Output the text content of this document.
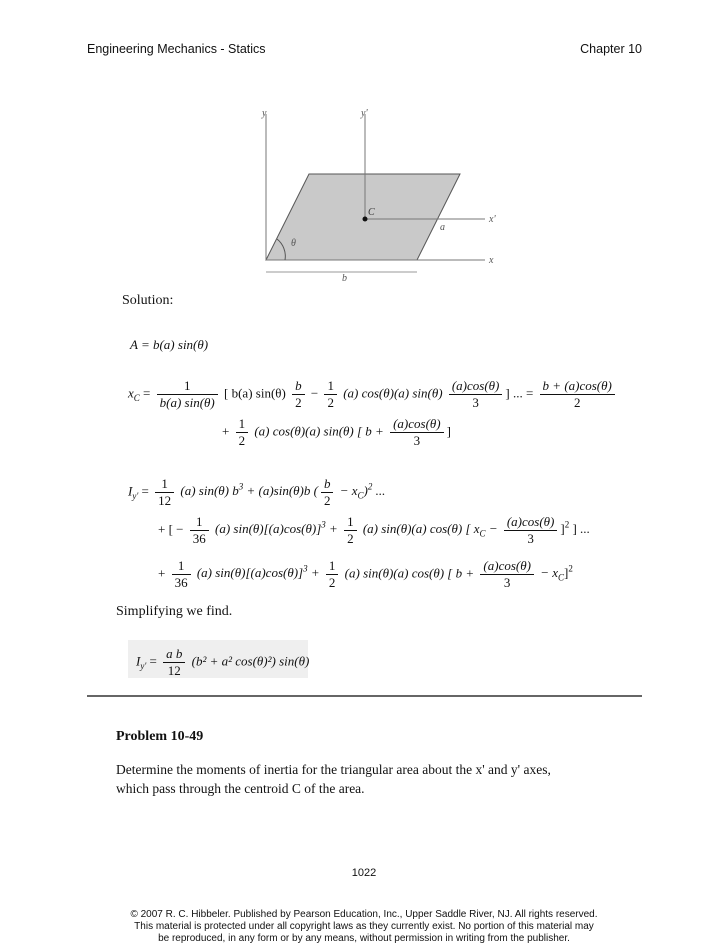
Engineering Mechanics - Statics	Chapter 10
y	y'
x
x'
C
a
b
θ
Solution:
A = b(a) sin(θ)
$x_C = \frac{1}{b(a) \sin(\theta)}$ [ b(a) $\sin(\theta) \frac{b}{2} - \frac{1}{2} (a)$ cos(θ)(a) $\sin(\theta) \frac{(a)\cos(\theta)}{3}$ ] ... = $\frac{b + (a)\cos(\theta)}{2}$
+ $\frac{1}{2} (a)$ cos(θ)(a) sin(θ) [ $b + \frac{(a)\cos(\theta)}{3}$ ]
$I_{y'} = \frac{1}{12} (a)$ sin(θ) $b^3 + (a)\sin(\theta)b$ ( $\frac{b}{2} - x_C)^2$ ...
+ [ − $\frac{1}{36} (a) \sin(\theta)[(a)\cos(\theta)]^3 + \frac{1}{2} (a)$ sin(θ)(a) cos(θ) [ $x_C - \frac{(a)\cos(\theta)}{3} ]^2$ ] ...
+ $\frac{1}{36} (a) \sin(\theta)[(a)\cos(\theta)]^3 + \frac{1}{2} (a)$ sin(θ)(a) cos(θ) [ $b + \frac{(a)\cos(\theta)}{3} - x_C]^2$
Simplifying we find.
$I_{y'} = \frac{\text{a b}}{12} (b^2 + a^2$ cos(θ)²) sin(θ)
Problem 10-49
Determine the moments of inertia for the triangular area about the x' and y' axes, which pass through the centroid C of the area.
1022
© 2007 R. C. Hibbeler. Published by Pearson Education, Inc., Upper Saddle River, NJ. All rights reserved.
This material is protected under all copyright laws as they currently exist. No portion of this material may
be reproduced, in any form or by any means, without permission in writing from the publisher.
